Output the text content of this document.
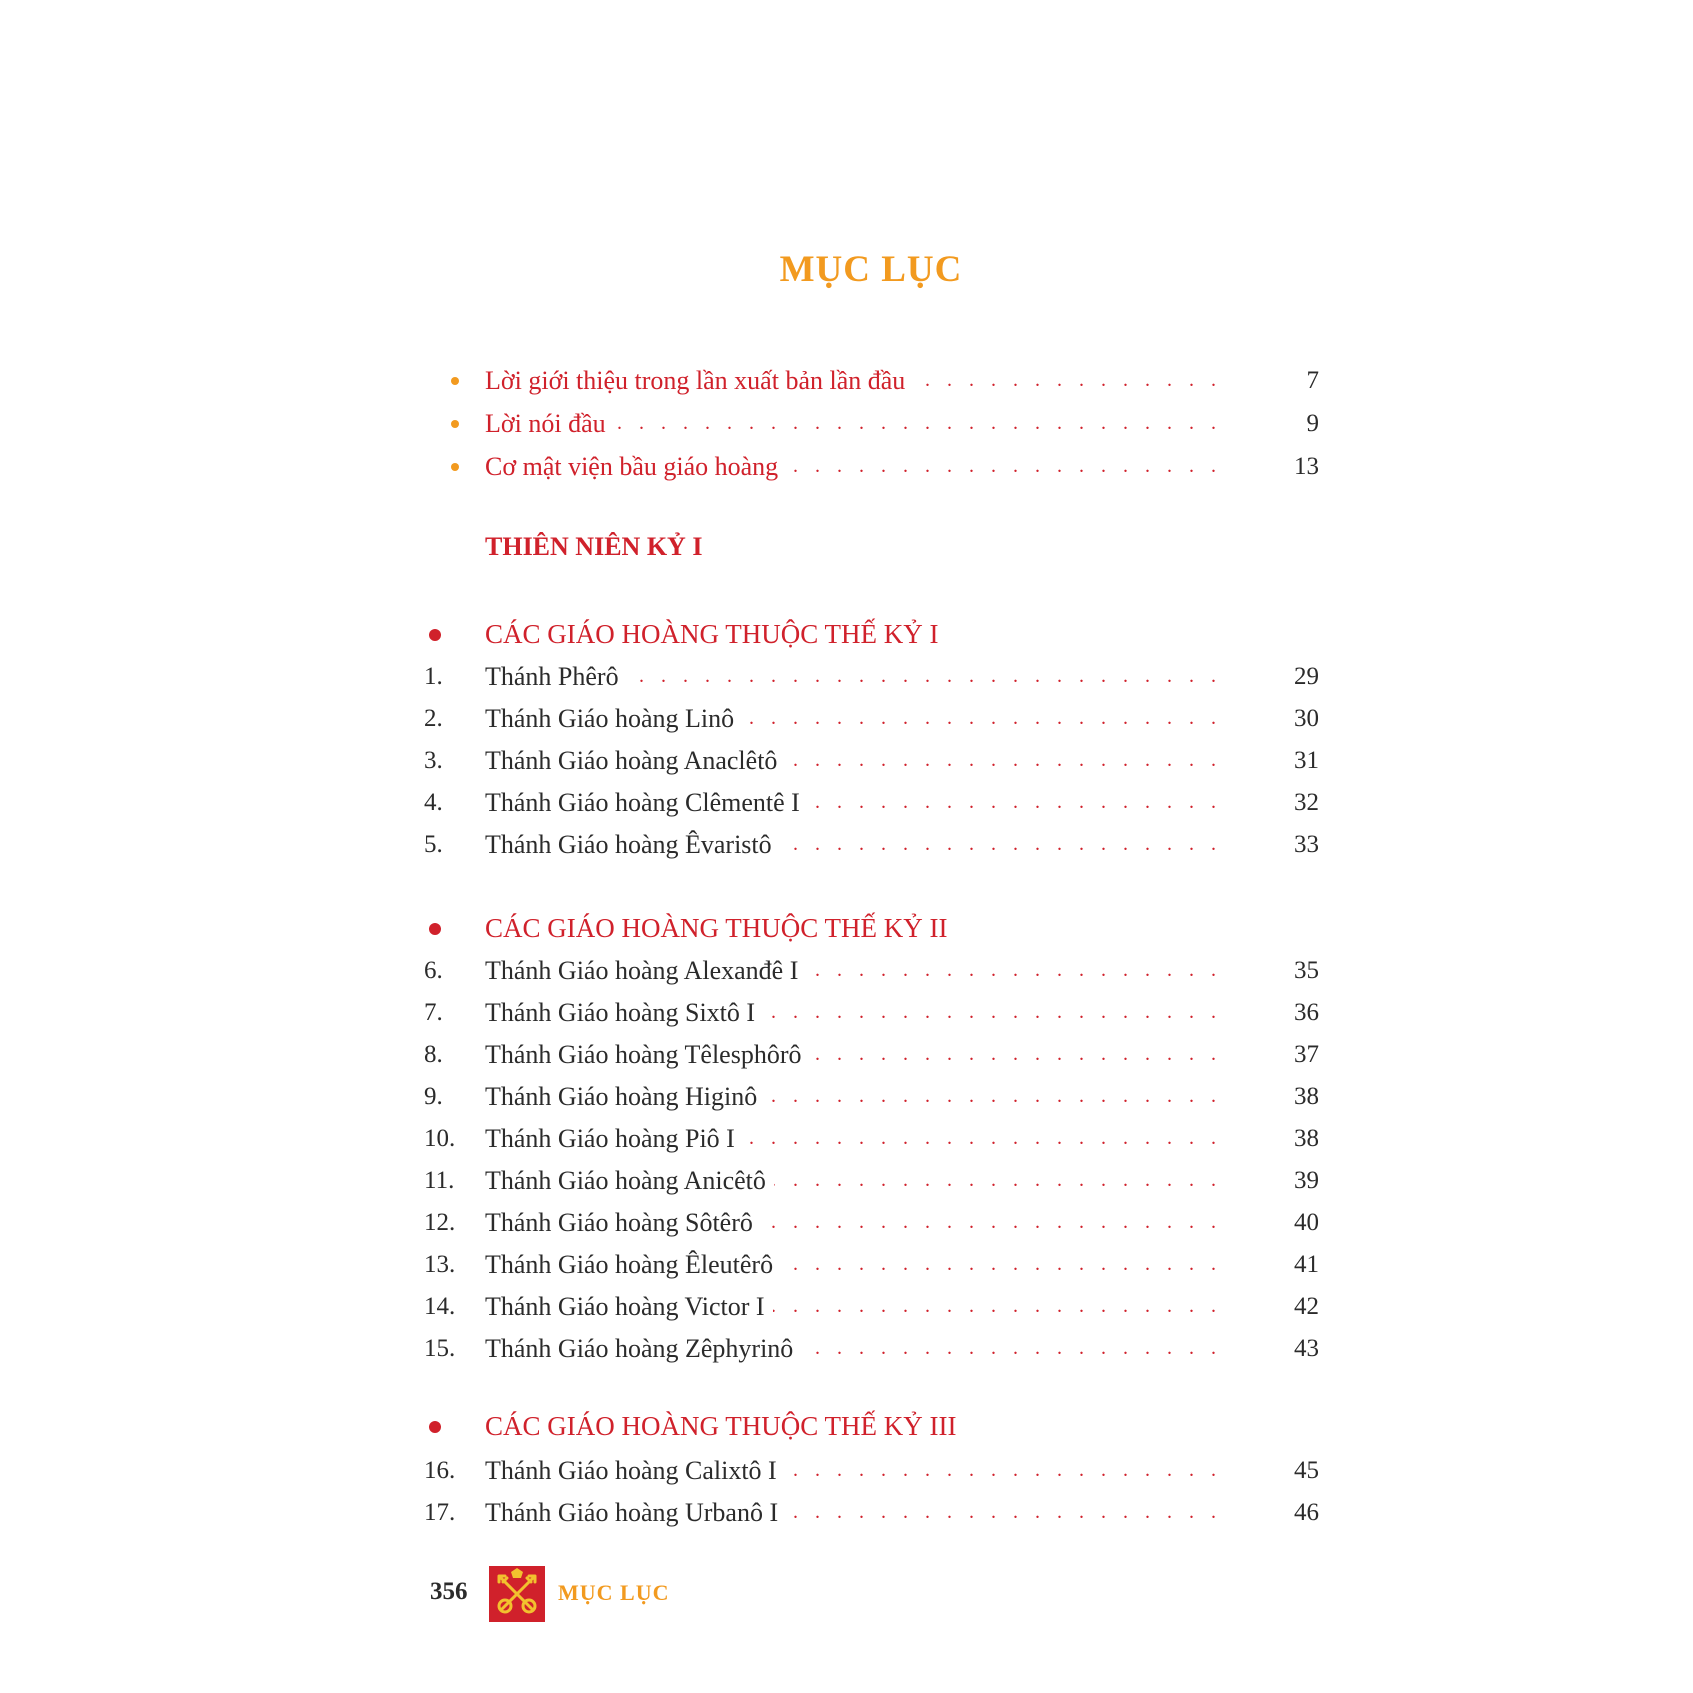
MỤC LỤC
Lời giới thiệu trong lần xuất bản lần đầu . . .	7
Lời nói đầu . . .	9
Cơ mật viện bầu giáo hoàng . . .	13
THIÊN NIÊN KỶ I
CÁC GIÁO HOÀNG THUỘC THẾ KỶ I
1. Thánh Phêrô . . .	29
2. Thánh Giáo hoàng Linô . . .	30
3. Thánh Giáo hoàng Anaclêtô . . .	31
4. Thánh Giáo hoàng Clêmentê I . . .	32
5. Thánh Giáo hoàng Êvaristô . . .	33
CÁC GIÁO HOÀNG THUỘC THẾ KỶ II
6. Thánh Giáo hoàng Alexanđê I . . .	35
7. Thánh Giáo hoàng Sixtô I . . .	36
8. Thánh Giáo hoàng Têlesphôrô . . .	37
9. Thánh Giáo hoàng Higinô . . .	38
10. Thánh Giáo hoàng Piô I . . .	38
11. Thánh Giáo hoàng Anicêtô . . .	39
12. Thánh Giáo hoàng Sôtêrô . . .	40
13. Thánh Giáo hoàng Êleutêrô . . .	41
14. Thánh Giáo hoàng Victor I . . .	42
15. Thánh Giáo hoàng Zêphyrinô . . .	43
CÁC GIÁO HOÀNG THUỘC THẾ KỶ III
16. Thánh Giáo hoàng Calixtô I . . .	45
17. Thánh Giáo hoàng Urbanô I . . .	46
356	MỤC LỤC
